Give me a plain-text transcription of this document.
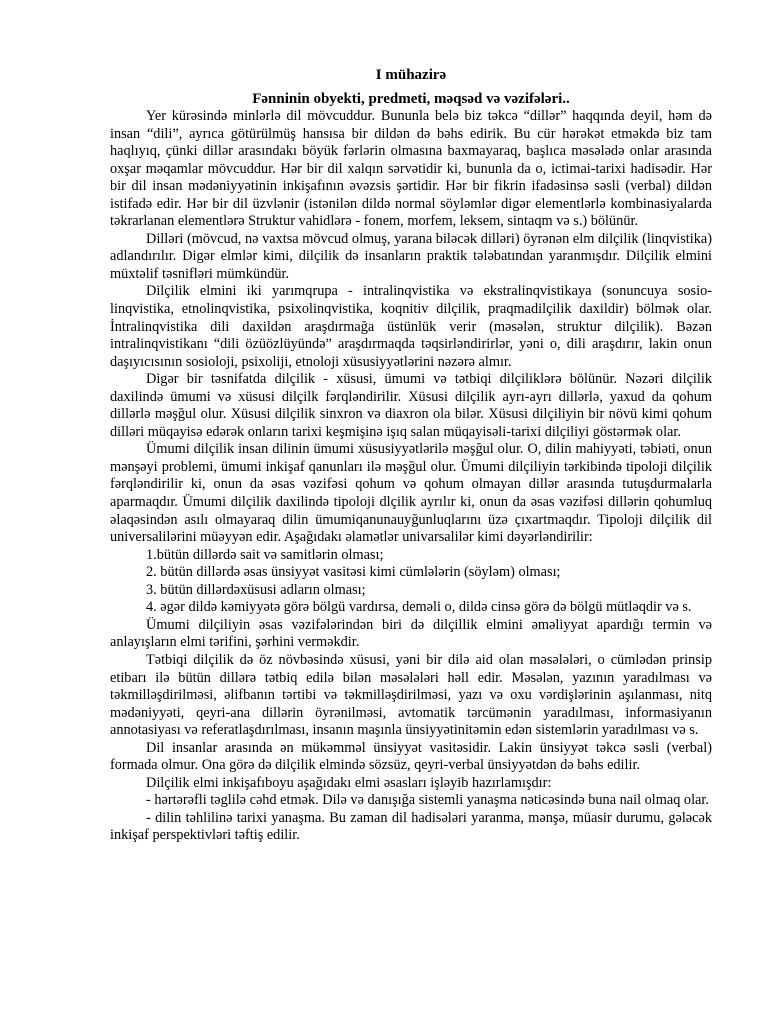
I mühazirə
Fənninin obyekti, predmeti, məqsəd və vəzifələri..

Yer kürəsində minlərlə dil mövcuddur. Bununla belə biz təkcə “dillər” haqqında deyil, həm də insan “dili”, ayrıca götürülmüş hansısa bir dildən də bəhs edirik. Bu cür hərəkət etməkdə biz tam haqlıyıq, çünki dillər arasındakı böyük fərlərin olmasına baxmayaraq, başlıca məsələdə onlar arasında oxşar məqamlar mövcuddur. Hər bir dil xalqın sərvətidir ki, bununla da o, ictimai-tarixi hadisədir. Hər bir dil insan mədəniyyətinin inkişafının əvəzsis şərtidir. Hər bir fikrin ifadəsinsə səsli (verbal) dildən istifadə edir. Hər bir dil üzvlənir (istənilən dildə normal söyləmlər digər elementlərlə kombinasiyalarda təkrarlanan elementlərə Struktur vahidlərə - fonem, morfem, leksem, sintaqm və s.) bölünür.

Dilləri (mövcud, nə vaxtsa mövcud olmuş, yarana biləcək dilləri) öyrənən elm dilçilik (linqvistika) adlandırılır. Digər elmlər kimi, dilçilik də insanların praktik tələbatından yaranmışdır. Dilçilik elmini müxtəlif təsnifləri mümkündür.

Dilçilik elmini iki yarımqrupa - intralinqvistika və ekstralinqvistikaya (sonuncuya sosio-linqvistika, etnolinqvistika, psixolinqvistika, koqnitiv dilçilik, praqmadilçilik daxildir) bölmək olar. İntralinqvistika dili daxildən araşdırmağa üstünlük verir (məsələn, struktur dilçilik). Bəzən intralinqvistikanı “dili özüözlüyündə” araşdırmaqda təqsirləndirirlər, yəni o, dili araşdırır, lakin onun daşıyıcısının sosioloji, psixoliji, etnoloji xüsusiyyətlərini nəzərə almır.

Digər bir təsnifatda dilçilik - xüsusi, ümumi və tətbiqi dilçiliklərə bölünür. Nəzəri dilçilik daxilində ümumi və xüsusi dilçilk fərqləndirilir. Xüsusi dilçilik ayrı-ayrı dillərlə, yaxud da qohum dillərlə məşğul olur. Xüsusi dilçilik sinxron və diaxron ola bilər. Xüsusi dilçiliyin bir növü kimi qohum dilləri müqayisə edərək onların tarixi keşmişinə işıq salan müqayisəli-tarixi dilçiliyi göstərmək olar.

Ümumi dilçilik insan dilinin ümumi xüsusiyyətlərilə məşğul olur. O, dilin mahiyyəti, təbiəti, onun mənşəyi problemi, ümumi inkişaf qanunları ilə məşğul olur. Ümumi dilçiliyin tərkibində tipoloji dilçilik fərqləndirilir ki, onun da əsas vəzifəsi qohum və qohum olmayan dillər arasında tutuşdurmalarla aparmaqdır. Ümumi dilçilik daxilində tipoloji dlçilik ayrılır ki, onun da əsas vəzifəsi dillərin qohumluq əlaqəsindən asılı olmayaraq dilin ümumiqanunauyğunluqlarını üzə çıxartmaqdır. Tipoloji dilçilik dil universalilərini müəyyən edir. Aşağıdakı əlamətlər univarsalilər kimi dəyərləndirilir:

1.bütün dillərdə sait və samitlərin olması;

2. bütün dillərdə əsas ünsiyyət vasitəsi kimi cümlələrin (söyləm) olması;

3. bütün dillərdəxüsusi adların olması;

4. əgər dildə kəmiyyətə görə bölgü vardırsa, deməli o, dildə cinsə görə də bölgü mütləqdir və s.

Ümumi dilçiliyin əsas vəzifələrindən biri də dilçillik elmini əməliyyat apardığı termin və anlayışların elmi tərifini, şərhini verməkdir.

Tətbiqi dilçilik də öz növbəsində xüsusi, yəni bir dilə aid olan məsələləri, o cümlədən prinsip etibarı ilə bütün dillərə tətbiq edilə bilən məsələləri həll edir. Məsələn, yazının yaradılması və təkmilləşdirilməsi, əlifbanın tərtibi və təkmilləşdirilməsi, yazı və oxu vərdişlərinin aşılanması, nitq mədəniyyəti, qeyri-ana dillərin öyrənilməsi, avtomatik tərcümənin yaradılması, informasiyanın annotasiyası və referatlaşdırılması, insanın maşınla ünsiyyətinitəmin edən sistemlərin yaradılması və s.

Dil insanlar arasında ən mükəmməl ünsiyyət vasitəsidir. Lakin ünsiyyət təkcə səsli (verbal) formada olmur. Ona görə də dilçilik elmində sözsüz, qeyri-verbal ünsiyyətdən də bəhs edilir.

Dilçilik elmi inkişafıboyu aşağıdakı elmi əsasları işləyib hazırlamışdır:

- hərtərəfli təglilə cəhd etmək. Dilə və danışığa sistemli yanaşma nəticəsində buna nail olmaq olar.

- dilin təhlilinə tarixi yanaşma. Bu zaman dil hadisələri yaranma, mənşə, müasir durumu, gələcək inkişaf perspektivləri təftiş edilir.
